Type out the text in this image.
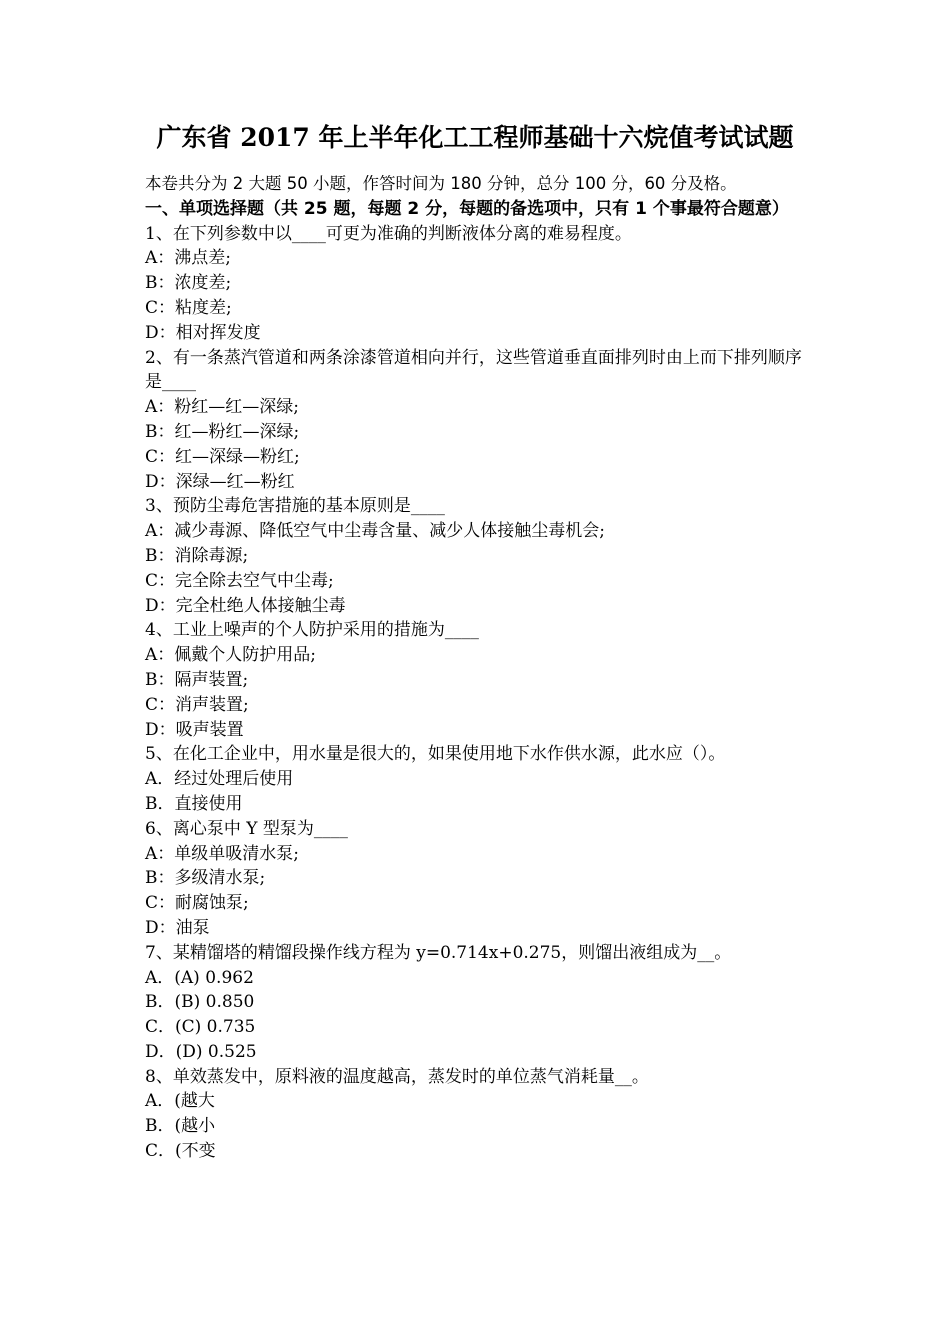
广东省 2017 年上半年化工工程师基础十六烷值考试试题

本卷共分为 2 大题 50 小题，作答时间为 180 分钟，总分 100 分，60 分及格。

一、单项选择题（共 25 题，每题 2 分，每题的备选项中，只有 1 个事最符合题意）

1、在下列参数中以____可更为准确的判断液体分离的难易程度。

A：沸点差;

B：浓度差;

C：粘度差;

D：相对挥发度

2、有一条蒸汽管道和两条涂漆管道相向并行，这些管道垂直面排列时由上而下排列顺序是____

A：粉红—红—深绿;

B：红—粉红—深绿;

C：红—深绿—粉红;

D：深绿—红—粉红

3、预防尘毒危害措施的基本原则是____

A：减少毒源、降低空气中尘毒含量、减少人体接触尘毒机会;

B：消除毒源;

C：完全除去空气中尘毒;

D：完全杜绝人体接触尘毒

4、工业上噪声的个人防护采用的措施为____

A：佩戴个人防护用品;

B：隔声装置;

C：消声装置;

D：吸声装置

5、在化工企业中，用水量是很大的，如果使用地下水作供水源，此水应（）。

A．经过处理后使用

B．直接使用

6、离心泵中 Y 型泵为____

A：单级单吸清水泵;

B：多级清水泵;

C：耐腐蚀泵;

D：油泵

7、某精馏塔的精馏段操作线方程为 y=0.714x+0.275，则馏出液组成为__。

A．(A) 0.962

B．(B) 0.850

C．(C) 0.735

D．(D) 0.525

8、单效蒸发中，原料液的温度越高，蒸发时的单位蒸气消耗量__。

A．(越大

B．(越小

C．(不变
